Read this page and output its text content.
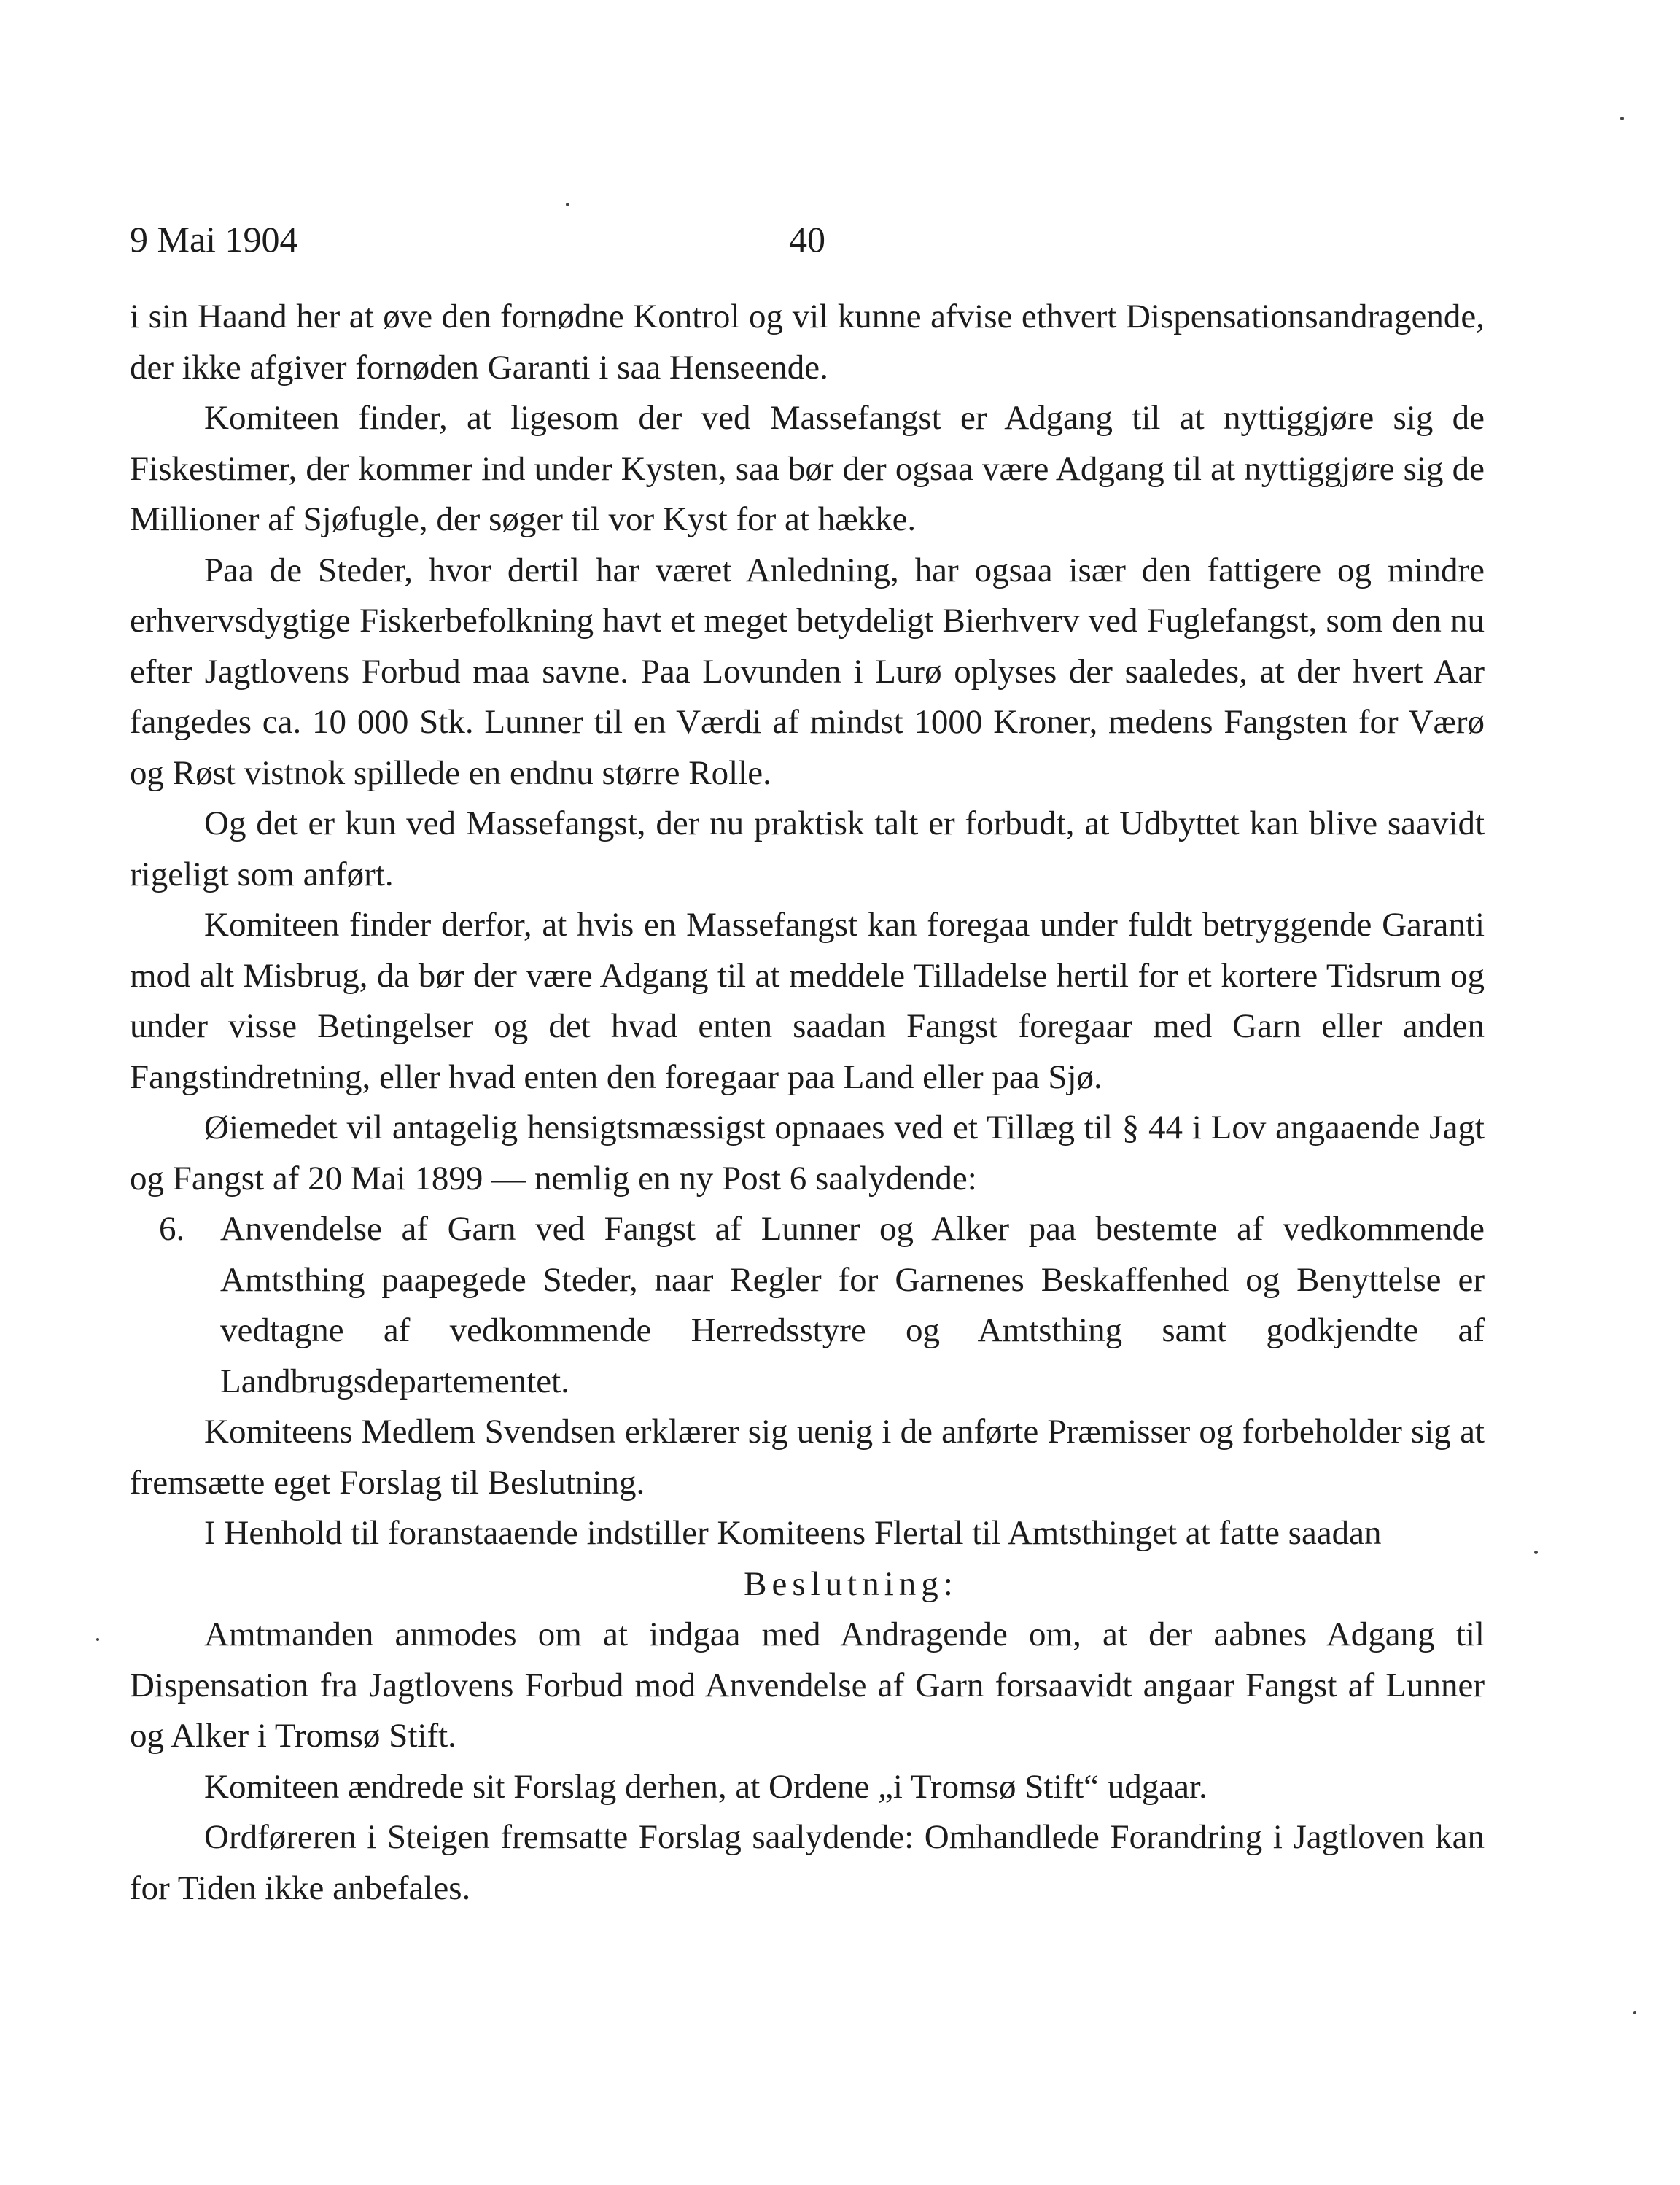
9 Mai 1904	40

i sin Haand her at øve den fornødne Kontrol og vil kunne afvise ethvert Dispensationsandragende, der ikke afgiver fornøden Garanti i saa Henseende.

Komiteen finder, at ligesom der ved Massefangst er Adgang til at nyttiggjøre sig de Fiskestimer, der kommer ind under Kysten, saa bør der ogsaa være Adgang til at nyttiggjøre sig de Millioner af Sjøfugle, der søger til vor Kyst for at hække.

Paa de Steder, hvor dertil har været Anledning, har ogsaa især den fattigere og mindre erhvervsdygtige Fiskerbefolkning havt et meget betydeligt Bierhverv ved Fuglefangst, som den nu efter Jagtlovens Forbud maa savne. Paa Lovunden i Lurø oplyses der saaledes, at der hvert Aar fangedes ca. 10 000 Stk. Lunner til en Værdi af mindst 1000 Kroner, medens Fangsten for Værø og Røst vistnok spillede en endnu større Rolle.

Og det er kun ved Massefangst, der nu praktisk talt er forbudt, at Udbyttet kan blive saavidt rigeligt som anført.

Komiteen finder derfor, at hvis en Massefangst kan foregaa under fuldt betryggende Garanti mod alt Misbrug, da bør der være Adgang til at meddele Tilladelse hertil for et kortere Tidsrum og under visse Betingelser og det hvad enten saadan Fangst foregaar med Garn eller anden Fangstindretning, eller hvad enten den foregaar paa Land eller paa Sjø.

Øiemedet vil antagelig hensigtsmæssigst opnaaes ved et Tillæg til § 44 i Lov angaaende Jagt og Fangst af 20 Mai 1899 — nemlig en ny Post 6 saalydende:

6. Anvendelse af Garn ved Fangst af Lunner og Alker paa bestemte af vedkommende Amtsthing paapegede Steder, naar Regler for Garnenes Beskaffenhed og Benyttelse er vedtagne af vedkommende Herredsstyre og Amtsthing samt godkjendte af Landbrugsdepartementet.

Komiteens Medlem Svendsen erklærer sig uenig i de anførte Præmisser og forbeholder sig at fremsætte eget Forslag til Beslutning.

I Henhold til foranstaaende indstiller Komiteens Flertal til Amtsthinget at fatte saadan

Beslutning:

Amtmanden anmodes om at indgaa med Andragende om, at der aabnes Adgang til Dispensation fra Jagtlovens Forbud mod Anvendelse af Garn forsaavidt angaar Fangst af Lunner og Alker i Tromsø Stift.

Komiteen ændrede sit Forslag derhen, at Ordene „i Tromsø Stift“ udgaar.

Ordføreren i Steigen fremsatte Forslag saalydende: Omhandlede Forandring i Jagtloven kan for Tiden ikke anbefales.
